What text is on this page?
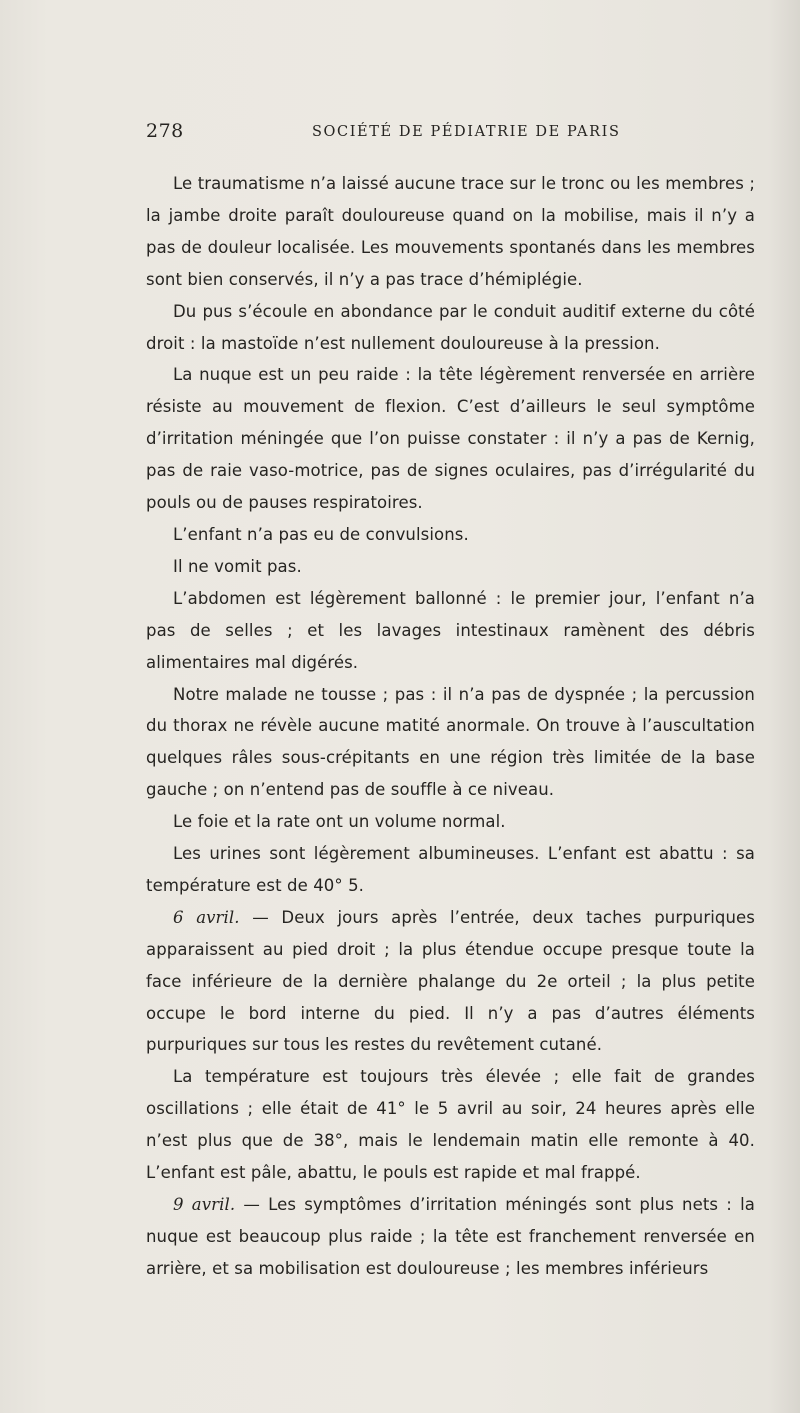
278	SOCIÉTÉ DE PÉDIATRIE DE PARIS

Le traumatisme n’a laissé aucune trace sur le tronc ou les membres ; la jambe droite paraît douloureuse quand on la mobilise, mais il n’y a pas de douleur localisée. Les mouvements spontanés dans les membres sont bien conservés, il n’y a pas trace d’hémiplégie.

Du pus s’écoule en abondance par le conduit auditif externe du côté droit : la mastoïde n’est nullement douloureuse à la pression.

La nuque est un peu raide : la tête légèrement renversée en arrière résiste au mouvement de flexion. C’est d’ailleurs le seul symptôme d’irritation méningée que l’on puisse constater : il n’y a pas de Kernig, pas de raie vaso-motrice, pas de signes oculaires, pas d’irrégularité du pouls ou de pauses respiratoires.

L’enfant n’a pas eu de convulsions.

Il ne vomit pas.

L’abdomen est légèrement ballonné : le premier jour, l’enfant n’a pas de selles ; et les lavages intestinaux ramènent des débris alimentaires mal digérés.

Notre malade ne tousse ; pas : il n’a pas de dyspnée ; la percussion du thorax ne révèle aucune matité anormale. On trouve à l’auscultation quelques râles sous-crépitants en une région très limitée de la base gauche ; on n’entend pas de souffle à ce niveau.

Le foie et la rate ont un volume normal.

Les urines sont légèrement albumineuses. L’enfant est abattu : sa température est de 40° 5.

6 avril. — Deux jours après l’entrée, deux taches purpuriques apparaissent au pied droit ; la plus étendue occupe presque toute la face inférieure de la dernière phalange du 2e orteil ; la plus petite occupe le bord interne du pied. Il n’y a pas d’autres éléments purpuriques sur tous les restes du revêtement cutané.

La température est toujours très élevée ; elle fait de grandes oscillations ; elle était de 41° le 5 avril au soir, 24 heures après elle n’est plus que de 38°, mais le lendemain matin elle remonte à 40. L’enfant est pâle, abattu, le pouls est rapide et mal frappé.

9 avril. — Les symptômes d’irritation méningés sont plus nets : la nuque est beaucoup plus raide ; la tête est franchement renversée en arrière, et sa mobilisation est douloureuse ; les membres inférieurs
